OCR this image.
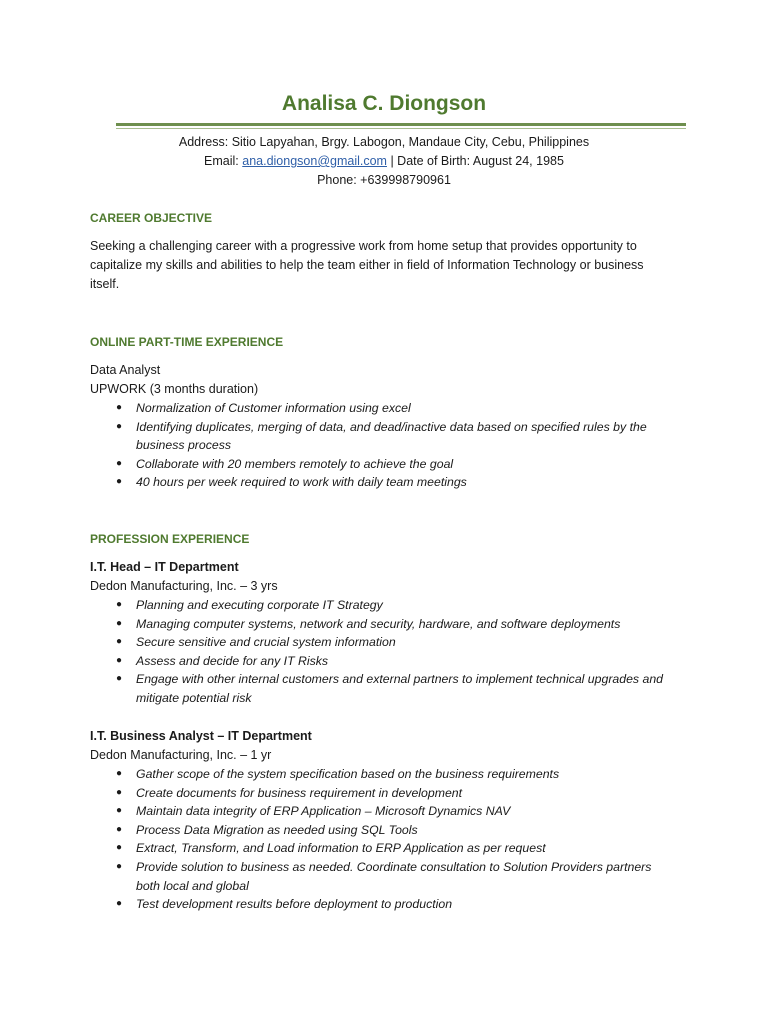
Analisa C. Diongson
Address: Sitio Lapyahan, Brgy. Labogon, Mandaue City, Cebu, Philippines
Email: ana.diongson@gmail.com | Date of Birth: August 24, 1985
Phone: +639998790961
CAREER OBJECTIVE
Seeking a challenging career with a progressive work from home setup that provides opportunity to capitalize my skills and abilities to help the team either in field of Information Technology or business itself.
ONLINE PART-TIME EXPERIENCE
Data Analyst
UPWORK (3 months duration)
● Normalization of Customer information using excel
● Identifying duplicates, merging of data, and dead/inactive data based on specified rules by the business process
● Collaborate with 20 members remotely to achieve the goal
● 40 hours per week required to work with daily team meetings
PROFESSION EXPERIENCE
I.T. Head – IT Department
Dedon Manufacturing, Inc. – 3 yrs
● Planning and executing corporate IT Strategy
● Managing computer systems, network and security, hardware, and software deployments
● Secure sensitive and crucial system information
● Assess and decide for any IT Risks
● Engage with other internal customers and external partners to implement technical upgrades and mitigate potential risk
I.T. Business Analyst – IT Department
Dedon Manufacturing, Inc. – 1 yr
● Gather scope of the system specification based on the business requirements
● Create documents for business requirement in development
● Maintain data integrity of ERP Application – Microsoft Dynamics NAV
● Process Data Migration as needed using SQL Tools
● Extract, Transform, and Load information to ERP Application as per request
● Provide solution to business as needed. Coordinate consultation to Solution Providers partners both local and global
● Test development results before deployment to production
